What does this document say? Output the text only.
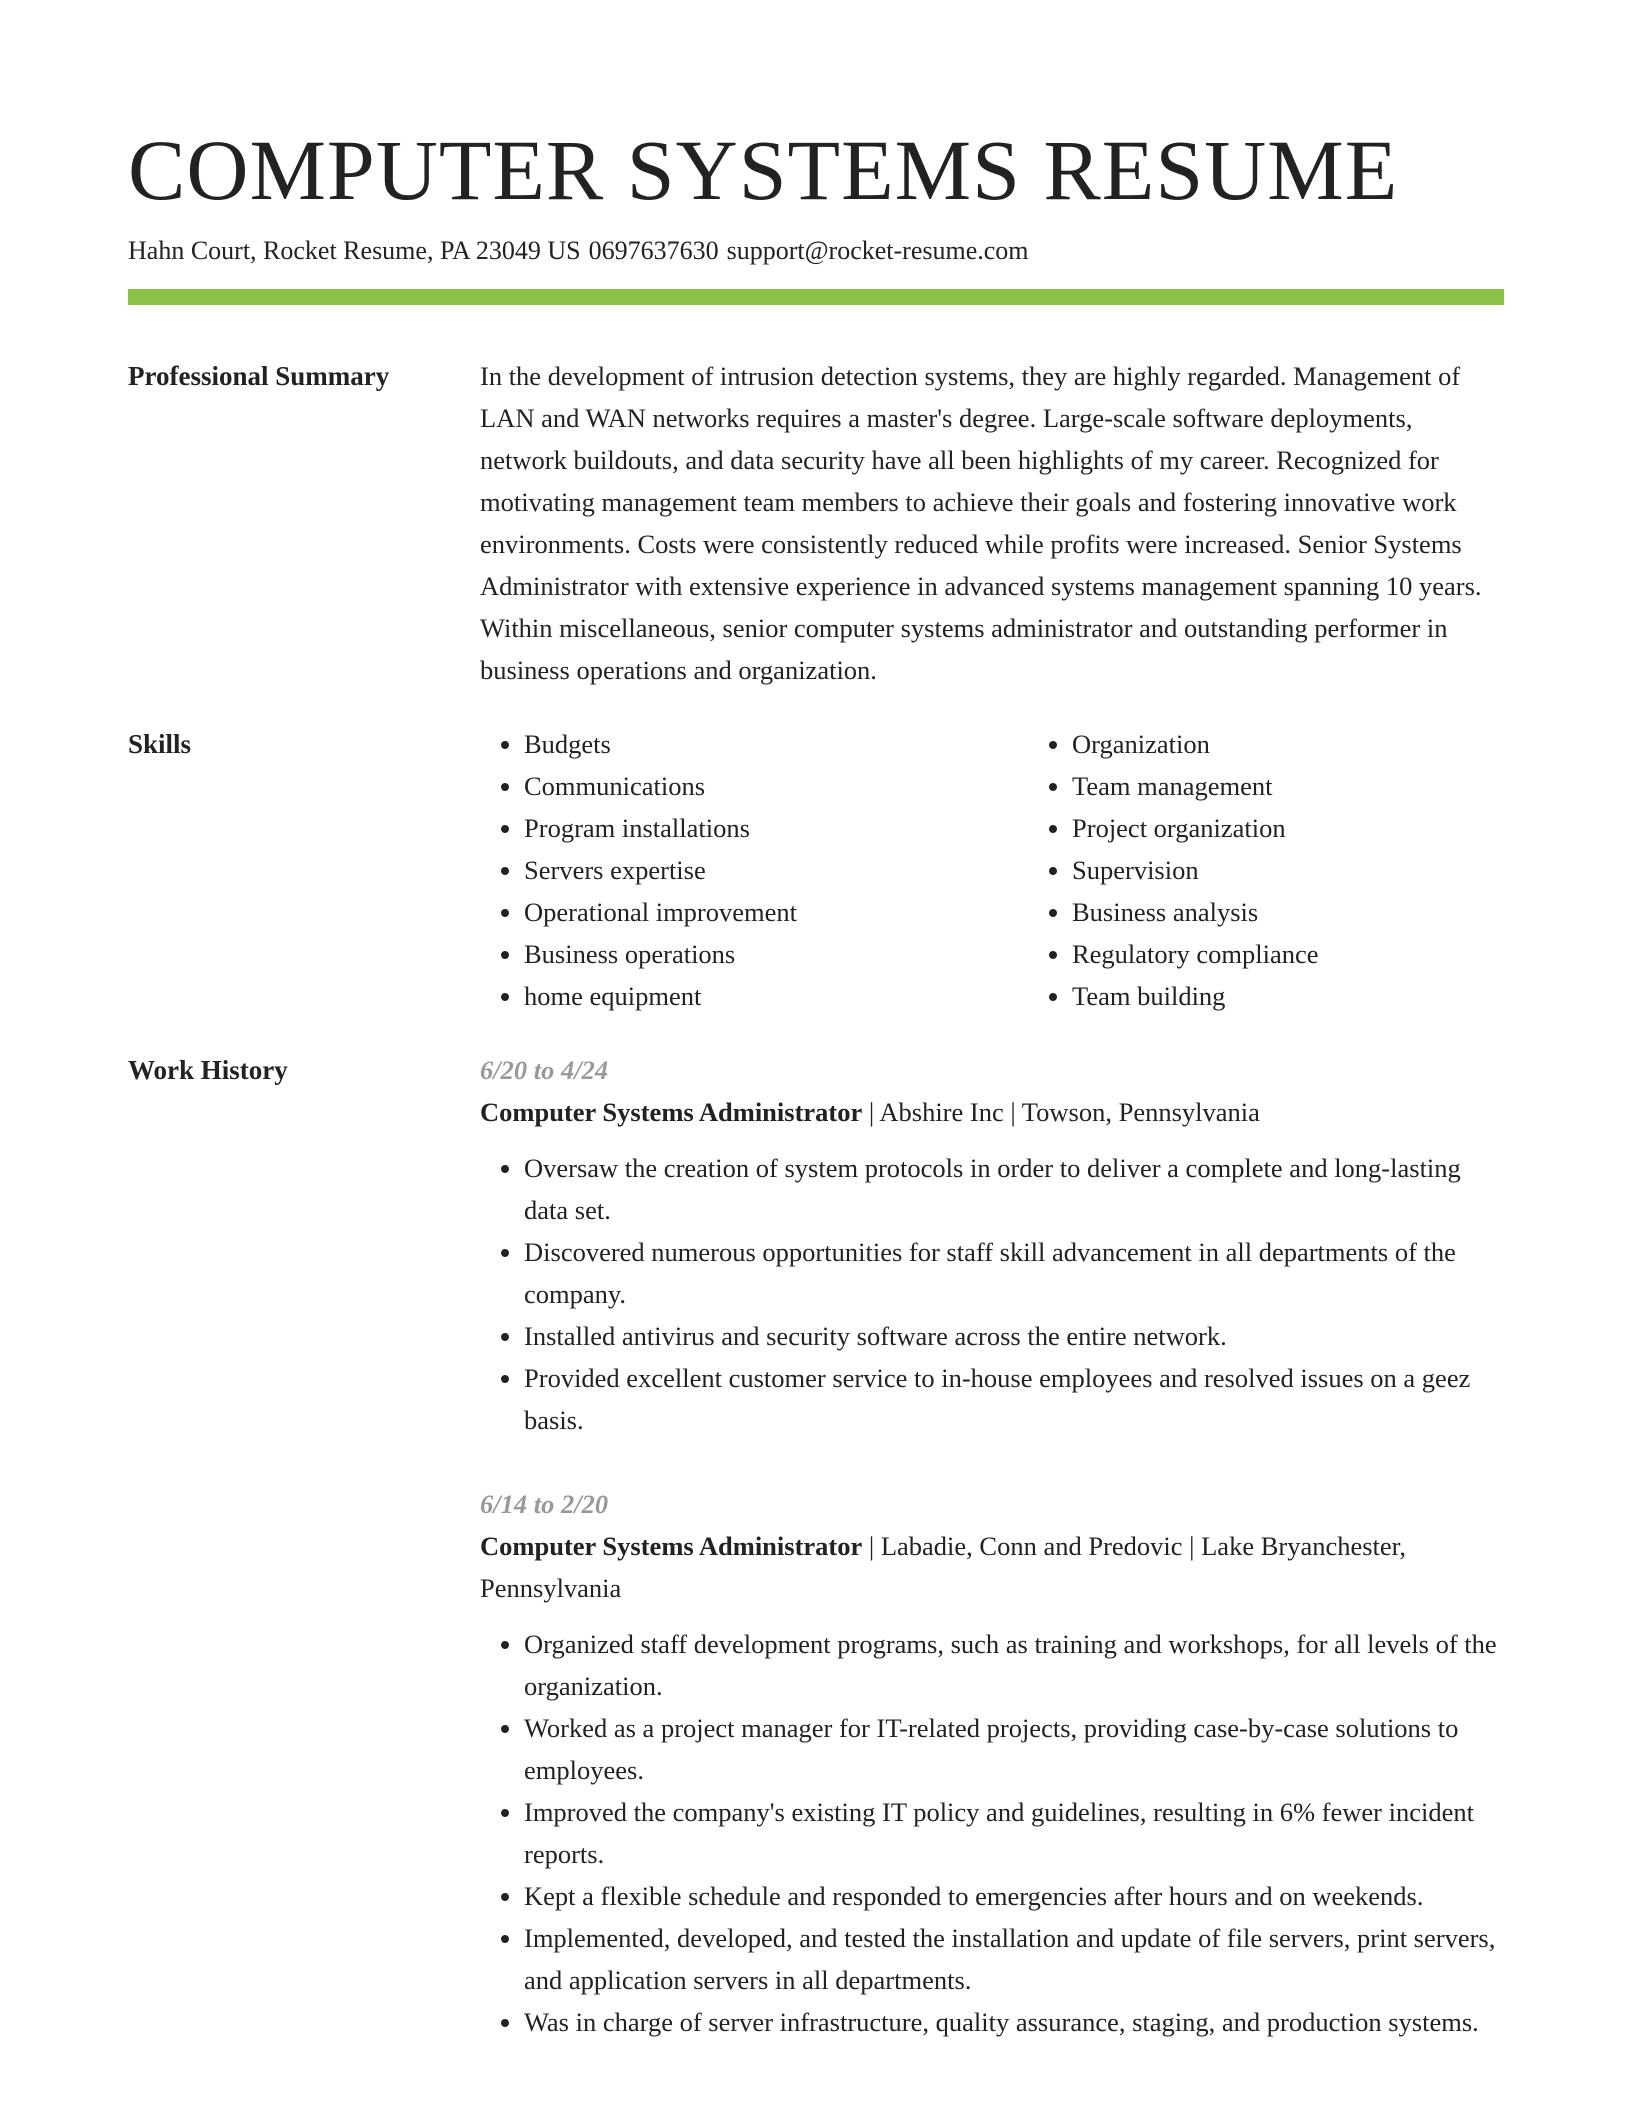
COMPUTER SYSTEMS RESUME
Hahn Court, Rocket Resume, PA 23049 US 0697637630 support@rocket-resume.com
Professional Summary	In the development of intrusion detection systems, they are highly regarded. Management of LAN and WAN networks requires a master's degree. Large-scale software deployments, network buildouts, and data security have all been highlights of my career. Recognized for motivating management team members to achieve their goals and fostering innovative work environments. Costs were consistently reduced while profits were increased. Senior Systems Administrator with extensive experience in advanced systems management spanning 10 years. Within miscellaneous, senior computer systems administrator and outstanding performer in business operations and organization.
Skills
•	Budgets
• Communications
• Program installations
• Servers expertise
• Operational improvement
• Business operations
• home equipment
• Organization
• Team management
• Project organization
• Supervision
• Business analysis
• Regulatory compliance
• Team building
Work History	6/20 to 4/24
Computer Systems Administrator | Abshire Inc | Towson, Pennsylvania
• Oversaw the creation of system protocols in order to deliver a complete and long-lasting data set.
• Discovered numerous opportunities for staff skill advancement in all departments of the company.
• Installed antivirus and security software across the entire network.
• Provided excellent customer service to in-house employees and resolved issues on a geez basis.
6/14 to 2/20
Computer Systems Administrator | Labadie, Conn and Predovic | Lake Bryanchester, Pennsylvania
• Organized staff development programs, such as training and workshops, for all levels of the organization.
• Worked as a project manager for IT-related projects, providing case-by-case solutions to employees.
• Improved the company's existing IT policy and guidelines, resulting in 6% fewer incident reports.
• Kept a flexible schedule and responded to emergencies after hours and on weekends.
• Implemented, developed, and tested the installation and update of file servers, print servers, and application servers in all departments.
• Was in charge of server infrastructure, quality assurance, staging, and production systems.
